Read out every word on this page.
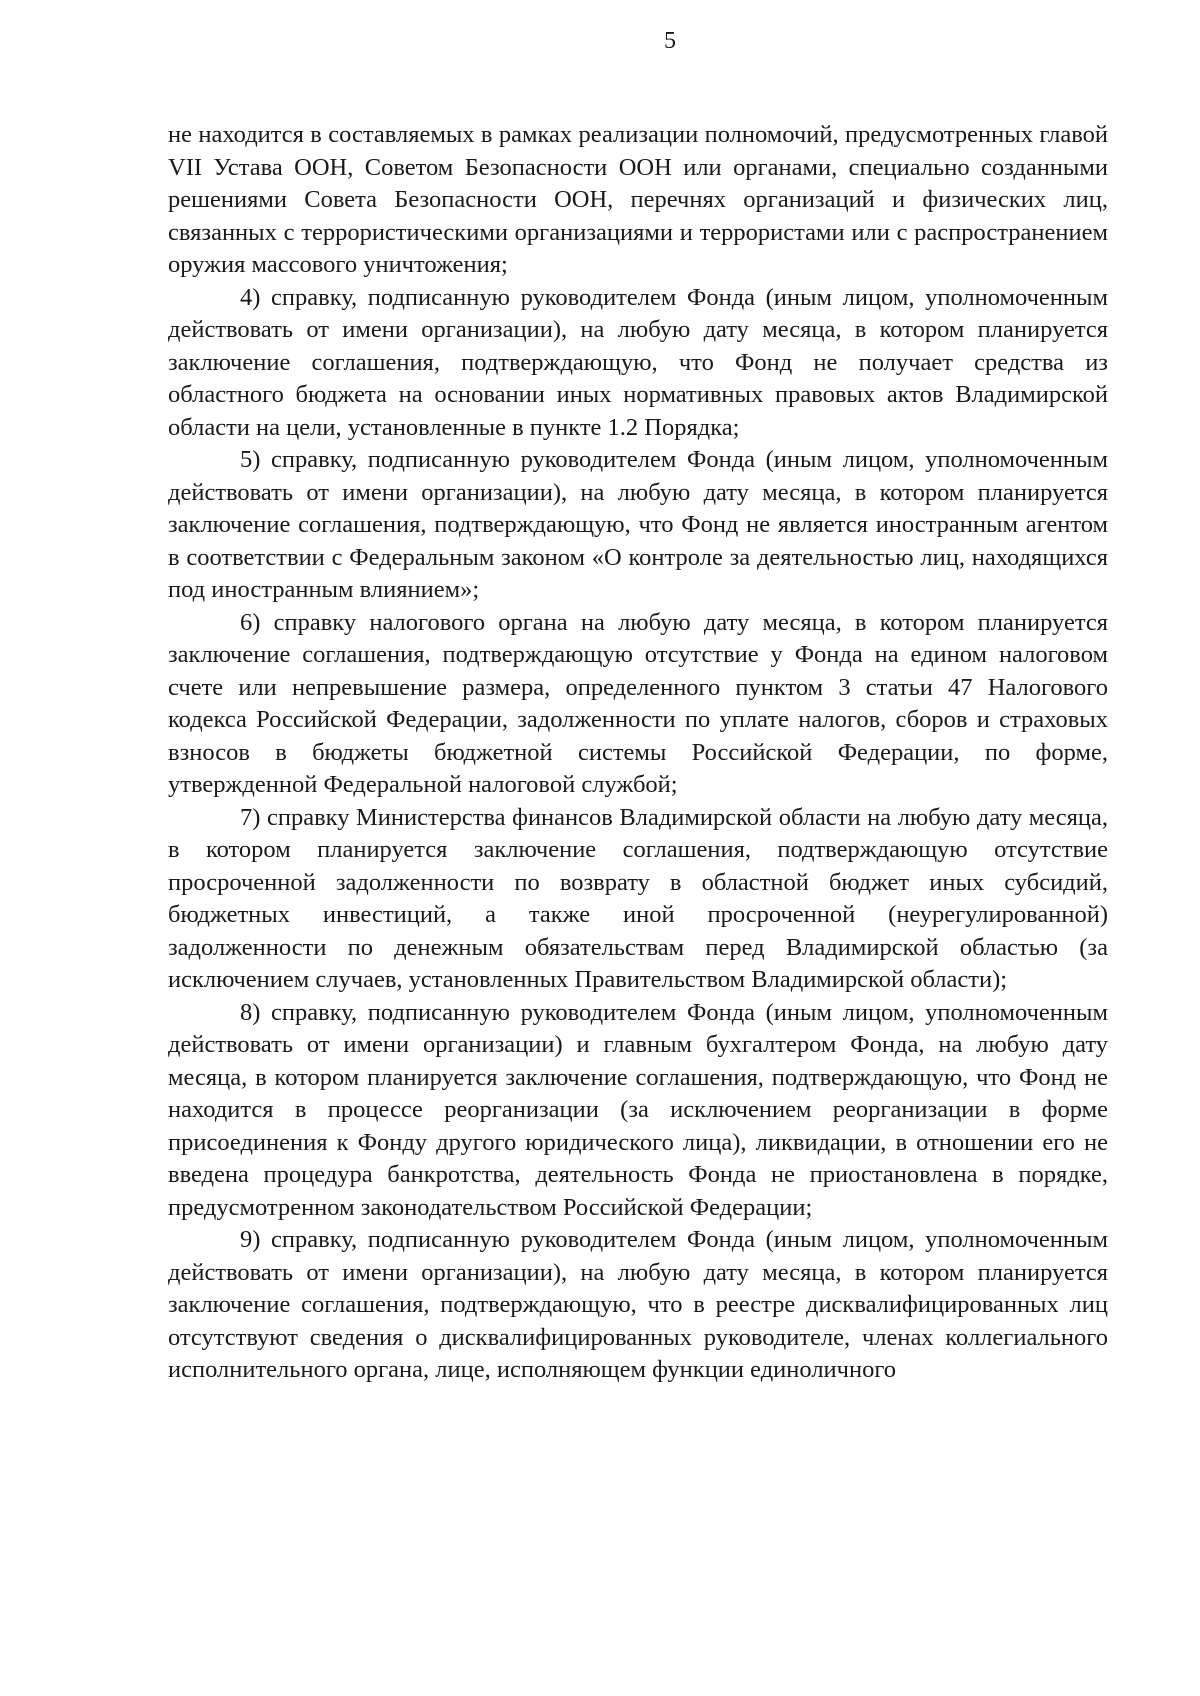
5

не находится в составляемых в рамках реализации полномочий, предусмотренных главой VII Устава ООН, Советом Безопасности ООН или органами, специально созданными решениями Совета Безопасности ООН, перечнях организаций и физических лиц, связанных с террористическими организациями и террористами или с распространением оружия массового уничтожения;

4) справку, подписанную руководителем Фонда (иным лицом, уполномоченным действовать от имени организации), на любую дату месяца, в котором планируется заключение соглашения, подтверждающую, что Фонд не получает средства из областного бюджета на основании иных нормативных правовых актов Владимирской области на цели, установленные в пункте 1.2 Порядка;

5) справку, подписанную руководителем Фонда (иным лицом, уполномоченным действовать от имени организации), на любую дату месяца, в котором планируется заключение соглашения, подтверждающую, что Фонд не является иностранным агентом в соответствии с Федеральным законом «О контроле за деятельностью лиц, находящихся под иностранным влиянием»;

6) справку налогового органа на любую дату месяца, в котором планируется заключение соглашения, подтверждающую отсутствие у Фонда на едином налоговом счете или непревышение размера, определенного пунктом 3 статьи 47 Налогового кодекса Российской Федерации, задолженности по уплате налогов, сборов и страховых взносов в бюджеты бюджетной системы Российской Федерации, по форме, утвержденной Федеральной налоговой службой;

7) справку Министерства финансов Владимирской области на любую дату месяца, в котором планируется заключение соглашения, подтверждающую отсутствие просроченной задолженности по возврату в областной бюджет иных субсидий, бюджетных инвестиций, а также иной просроченной (неурегулированной) задолженности по денежным обязательствам перед Владимирской областью (за исключением случаев, установленных Правительством Владимирской области);

8) справку, подписанную руководителем Фонда (иным лицом, уполномоченным действовать от имени организации) и главным бухгалтером Фонда, на любую дату месяца, в котором планируется заключение соглашения, подтверждающую, что Фонд не находится в процессе реорганизации (за исключением реорганизации в форме присоединения к Фонду другого юридического лица), ликвидации, в отношении его не введена процедура банкротства, деятельность Фонда не приостановлена в порядке, предусмотренном законодательством Российской Федерации;

9) справку, подписанную руководителем Фонда (иным лицом, уполномоченным действовать от имени организации), на любую дату месяца, в котором планируется заключение соглашения, подтверждающую, что в реестре дисквалифицированных лиц отсутствуют сведения о дисквалифицированных руководителе, членах коллегиального исполнительного органа, лице, исполняющем функции единоличного
